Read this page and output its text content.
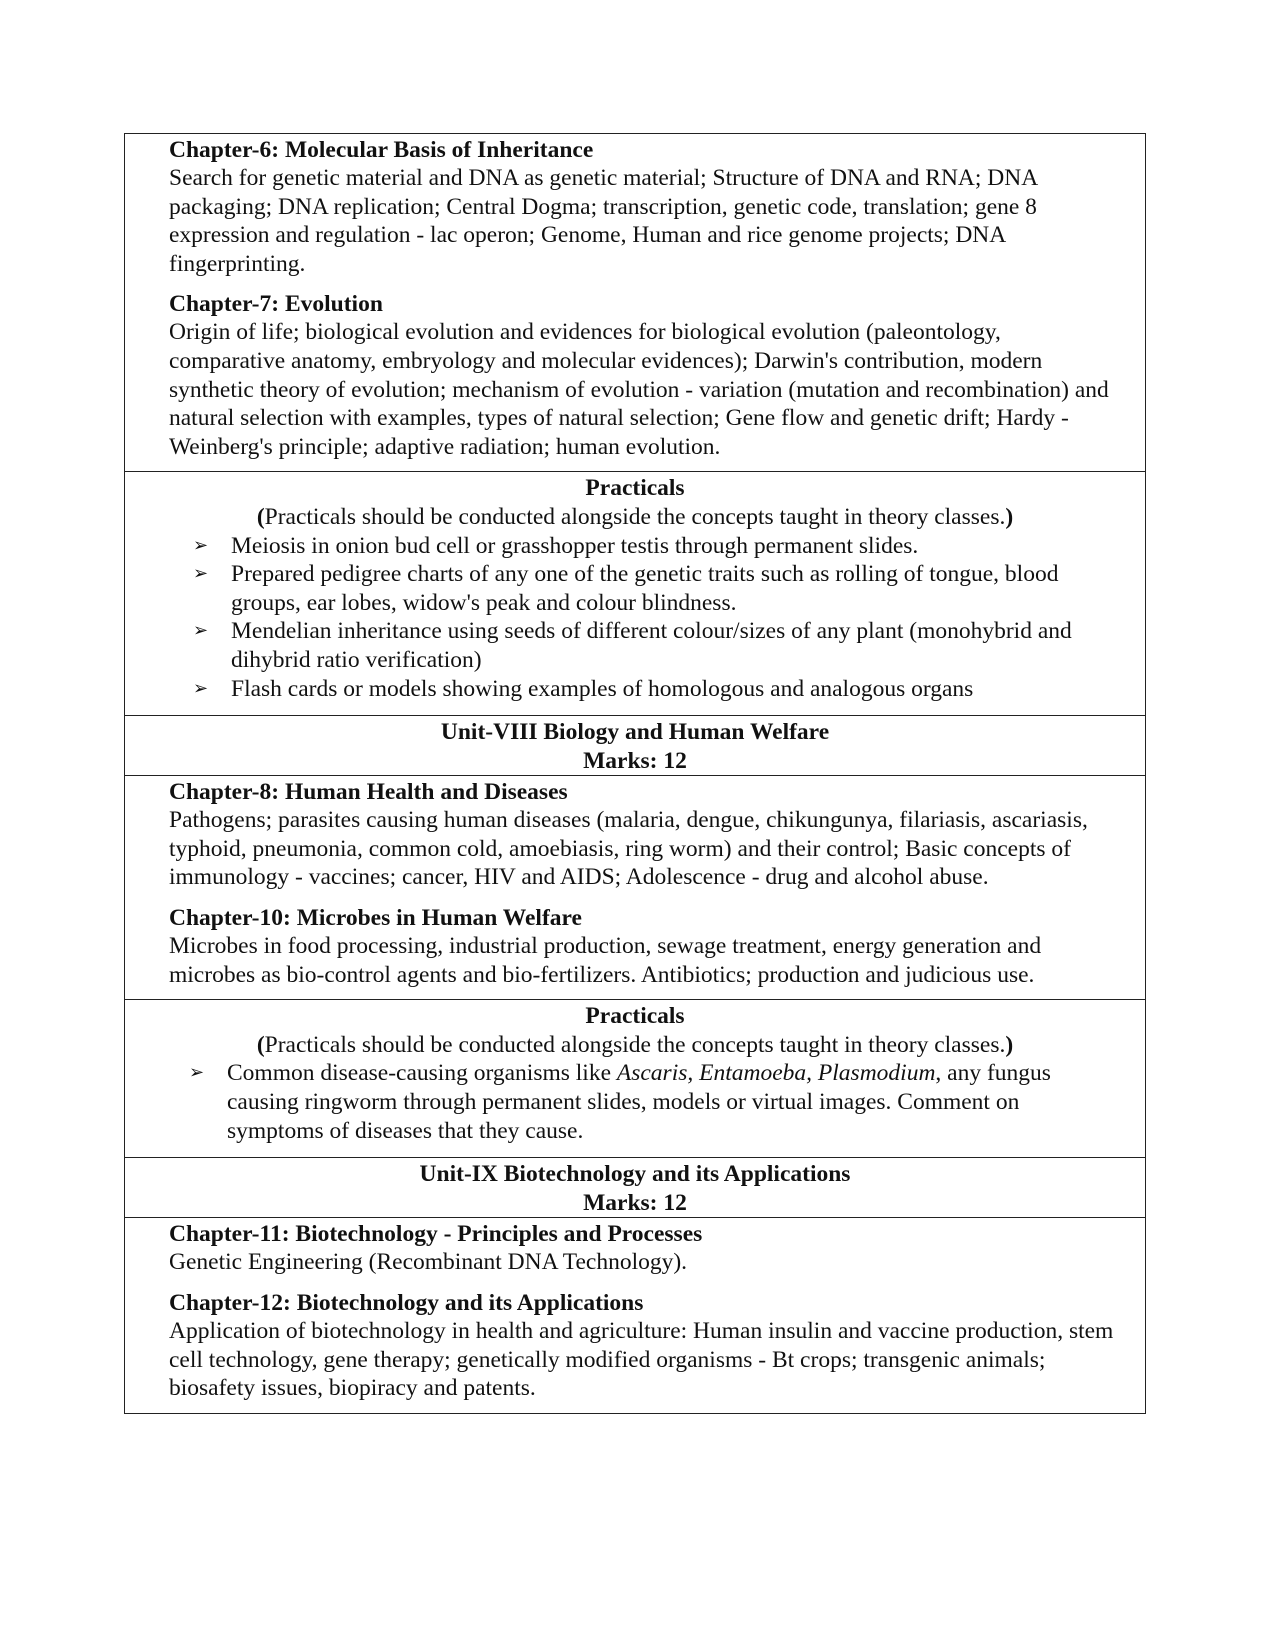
Chapter-6: Molecular Basis of Inheritance
Search for genetic material and DNA as genetic material; Structure of DNA and RNA; DNA packaging; DNA replication; Central Dogma; transcription, genetic code, translation; gene 8 expression and regulation - lac operon; Genome, Human and rice genome projects; DNA fingerprinting.
Chapter-7: Evolution
Origin of life; biological evolution and evidences for biological evolution (paleontology, comparative anatomy, embryology and molecular evidences); Darwin's contribution, modern synthetic theory of evolution; mechanism of evolution - variation (mutation and recombination) and natural selection with examples, types of natural selection; Gene flow and genetic drift; Hardy - Weinberg's principle; adaptive radiation; human evolution.
Practicals
(Practicals should be conducted alongside the concepts taught in theory classes.)
➢ Meiosis in onion bud cell or grasshopper testis through permanent slides.
➢ Prepared pedigree charts of any one of the genetic traits such as rolling of tongue, blood groups, ear lobes, widow's peak and colour blindness.
➢ Mendelian inheritance using seeds of different colour/sizes of any plant (monohybrid and dihybrid ratio verification)
➢ Flash cards or models showing examples of homologous and analogous organs
Unit-VIII Biology and Human Welfare
Marks: 12
Chapter-8: Human Health and Diseases
Pathogens; parasites causing human diseases (malaria, dengue, chikungunya, filariasis, ascariasis, typhoid, pneumonia, common cold, amoebiasis, ring worm) and their control; Basic concepts of immunology - vaccines; cancer, HIV and AIDS; Adolescence - drug and alcohol abuse.
Chapter-10: Microbes in Human Welfare
Microbes in food processing, industrial production, sewage treatment, energy generation and microbes as bio-control agents and bio-fertilizers. Antibiotics; production and judicious use.
Practicals
(Practicals should be conducted alongside the concepts taught in theory classes.)
➢ Common disease-causing organisms like Ascaris, Entamoeba, Plasmodium, any fungus causing ringworm through permanent slides, models or virtual images. Comment on symptoms of diseases that they cause.
Unit-IX Biotechnology and its Applications
Marks: 12
Chapter-11: Biotechnology - Principles and Processes
Genetic Engineering (Recombinant DNA Technology).
Chapter-12: Biotechnology and its Applications
Application of biotechnology in health and agriculture: Human insulin and vaccine production, stem cell technology, gene therapy; genetically modified organisms - Bt crops; transgenic animals; biosafety issues, biopiracy and patents.
